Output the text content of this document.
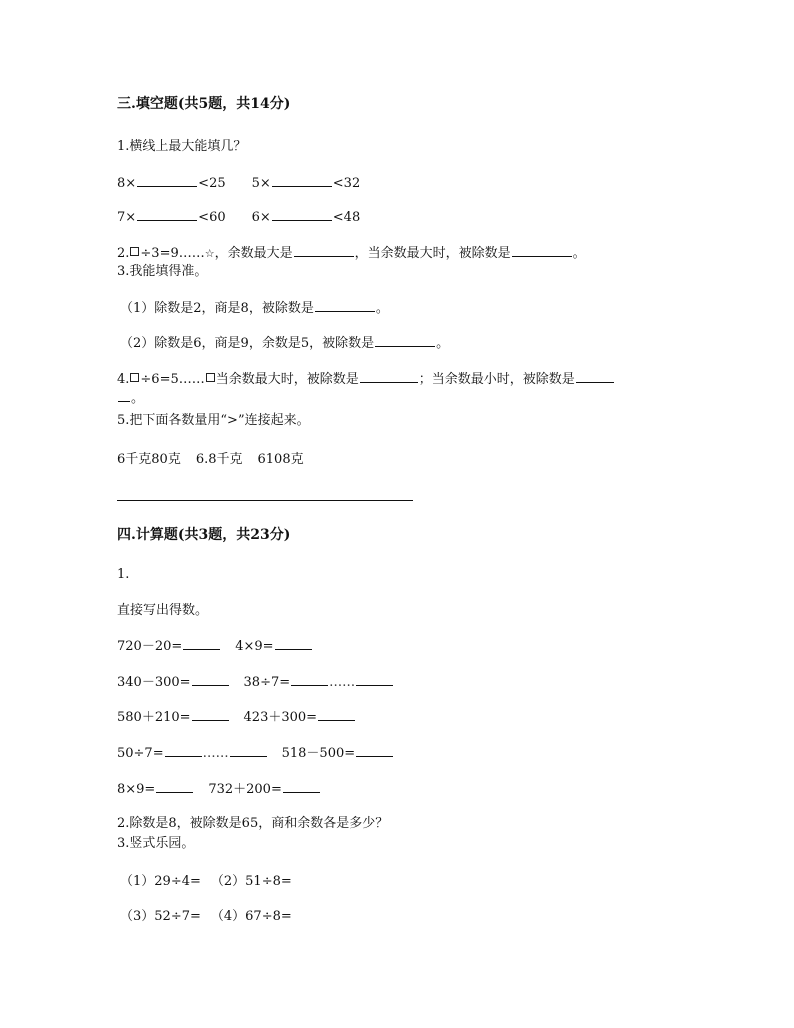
三.填空题(共5题，共14分)
1.横线上最大能填几？
8×	<25 5×	<32
7×	<60 6×	<48
2. ÷3=9……☆，余数最大是	，当余数最大时，被除数是	。
3.我能填得准。
（1）除数是2，商是8，被除数是	。
（2）除数是6，商是9，余数是5，被除数是	。
4. ÷6=5…… 当余数最大时，被除数是	；当余数最小时，被除数是
。
5.把下面各数量用“>”连接起来。
6千克80克 6.8千克 6108克
四.计算题(共3题，共23分)
1.
直接写出得数。
720－20=	4×9=
340－300=	38÷7=	……
580＋210=	423＋300=
50÷7=	……	518－500=
8×9=	732＋200=
2.除数是8，被除数是65，商和余数各是多少？
3.竖式乐园。
（1）29÷4= （2）51÷8=
（3）52÷7= （4）67÷8=
